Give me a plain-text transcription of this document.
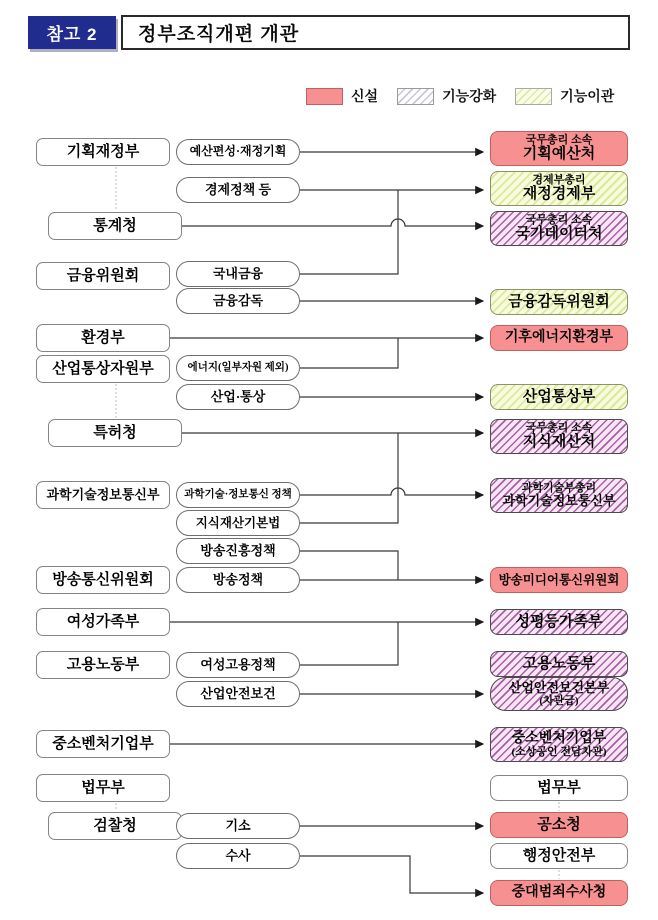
참고 2	정부조직개편 개관
신설	기능강화	기능이관
기획재정부
통계청
금융위원회
환경부
산업통상자원부
특허청
과학기술정보통신부
방송통신위원회
여성가족부
고용노동부
중소벤처기업부
법무부
검찰청
예산편성·재정기획
경제정책 등
국내금융
금융감독
에너지(일부자원 제외)
산업·통상
과학기술·정보통신 정책
지식재산기본법
방송진흥정책
방송정책
여성고용정책
산업안전보건
기소
수사
국무총리 소속
기획예산처
경제부총리
재정경제부
국무총리 소속
국가데이터처
금융감독위원회
기후에너지환경부
산업통상부
국무총리 소속
지식재산처
과학기술부총리
과학기술정보통신부
방송미디어통신위원회
성평등가족부
고용노동부
산업안전보건본부
(차관급)
중소벤처기업부
(소상공인 전담차관)
법무부
공소청
행정안전부
중대범죄수사청
